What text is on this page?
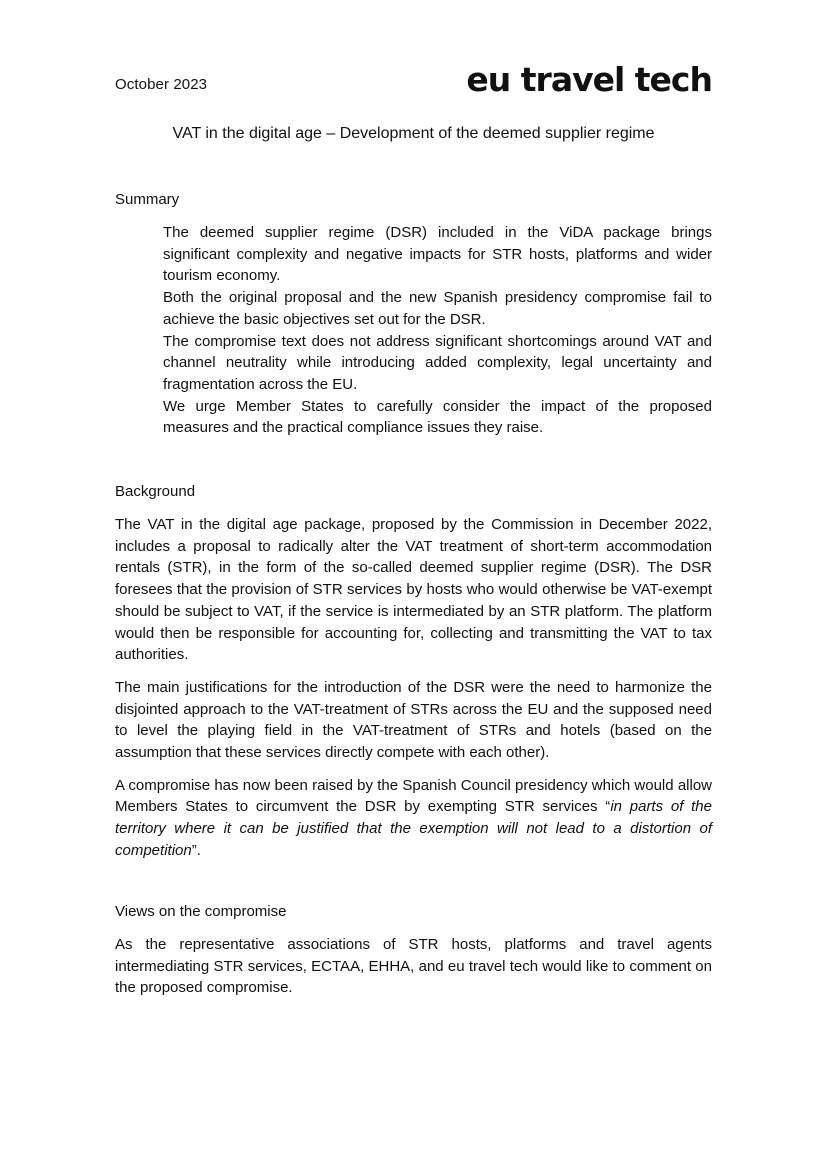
October 2023	eu travel tech
VAT in the digital age – Development of the deemed supplier regime
Summary
The deemed supplier regime (DSR) included in the ViDA package brings significant complexity and negative impacts for STR hosts, platforms and wider tourism economy.
Both the original proposal and the new Spanish presidency compromise fail to achieve the basic objectives set out for the DSR.
The compromise text does not address significant shortcomings around VAT and channel neutrality while introducing added complexity, legal uncertainty and fragmentation across the EU.
We urge Member States to carefully consider the impact of the proposed measures and the practical compliance issues they raise.
Background

The VAT in the digital age package, proposed by the Commission in December 2022, includes a proposal to radically alter the VAT treatment of short-term accommodation rentals (STR), in the form of the so-called deemed supplier regime (DSR). The DSR foresees that the provision of STR services by hosts who would otherwise be VAT-exempt should be subject to VAT, if the service is intermediated by an STR platform. The platform would then be responsible for accounting for, collecting and transmitting the VAT to tax authorities.

The main justifications for the introduction of the DSR were the need to harmonize the disjointed approach to the VAT-treatment of STRs across the EU and the supposed need to level the playing field in the VAT-treatment of STRs and hotels (based on the assumption that these services directly compete with each other).

A compromise has now been raised by the Spanish Council presidency which would allow Members States to circumvent the DSR by exempting STR services “in parts of the territory where it can be justified that the exemption will not lead to a distortion of competition”.

Views on the compromise

As the representative associations of STR hosts, platforms and travel agents intermediating STR services, ECTAA, EHHA, and eu travel tech would like to comment on the proposed compromise.
